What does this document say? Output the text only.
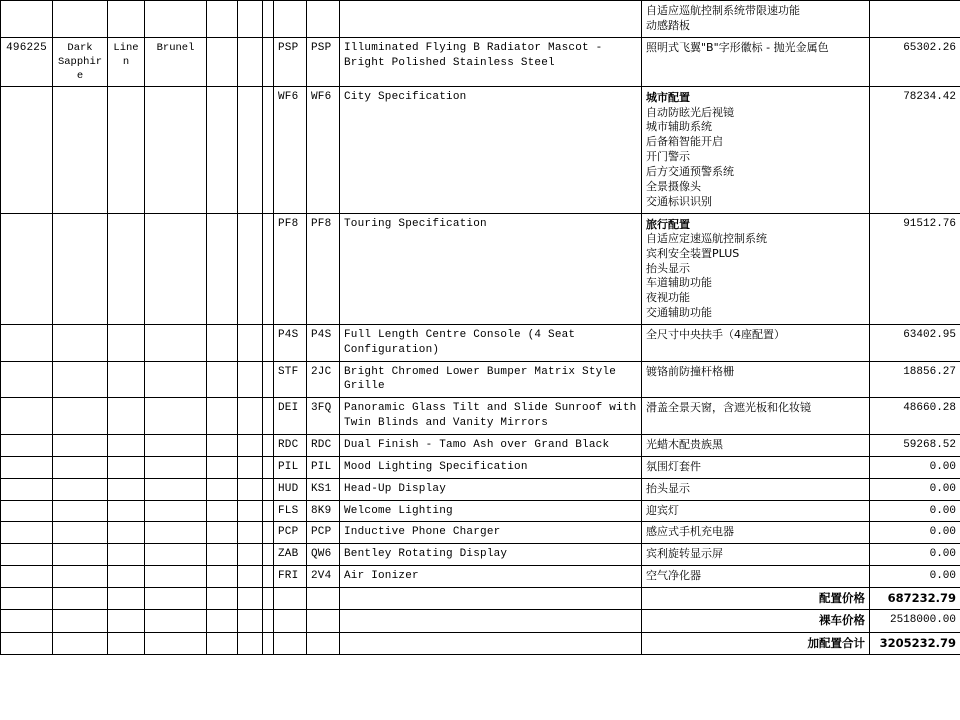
										自适应巡航控制系统带限速功能
动感踏板	

496225	Dark Sapphire	Linen	Brunel				PSP	PSP	Illuminated Flying B Radiator Mascot - Bright Polished Stainless Steel	照明式飞翼"B"字形徽标 - 抛光金属色	65302.26
							WF6	WF6	City Specification	城市配置
自动防眩光后视镜
城市辅助系统
后备箱智能开启
开门警示
后方交通预警系统
全景摄像头
交通标识识别
	78234.42
							PF8	PF8	Touring Specification	旅行配置
自适应定速巡航控制系统
宾利安全装置PLUS
抬头显示
车道辅助功能
夜视功能
交通辅助功能
	91512.76
							P4S	P4S	Full Length Centre Console (4 Seat Configuration)	全尺寸中央扶手（4座配置）	63402.95
							STF	2JC	Bright Chromed Lower Bumper Matrix Style Grille	镀铬前防撞杆格栅	18856.27
							DEI	3FQ	Panoramic Glass Tilt and Slide Sunroof with Twin Blinds and Vanity Mirrors	滑盖全景天窗，含遮光板和化妆镜	48660.28
							RDC	RDC	Dual Finish - Tamo Ash over Grand Black	光蜡木配贵族黑	59268.52
							PIL	PIL	Mood Lighting Specification	氛围灯套件	0.00
							HUD	KS1	Head-Up Display	抬头显示	0.00
							FLS	8K9	Welcome Lighting	迎宾灯	0.00
							PCP	PCP	Inductive Phone Charger	感应式手机充电器	0.00
							ZAB	QW6	Bentley Rotating Display	宾利旋转显示屏	0.00
							FRI	2V4	Air Ionizer	空气净化器	0.00
										配置价格	687232.79
										裸车价格	2518000.00
										加配置合计	3205232.79
